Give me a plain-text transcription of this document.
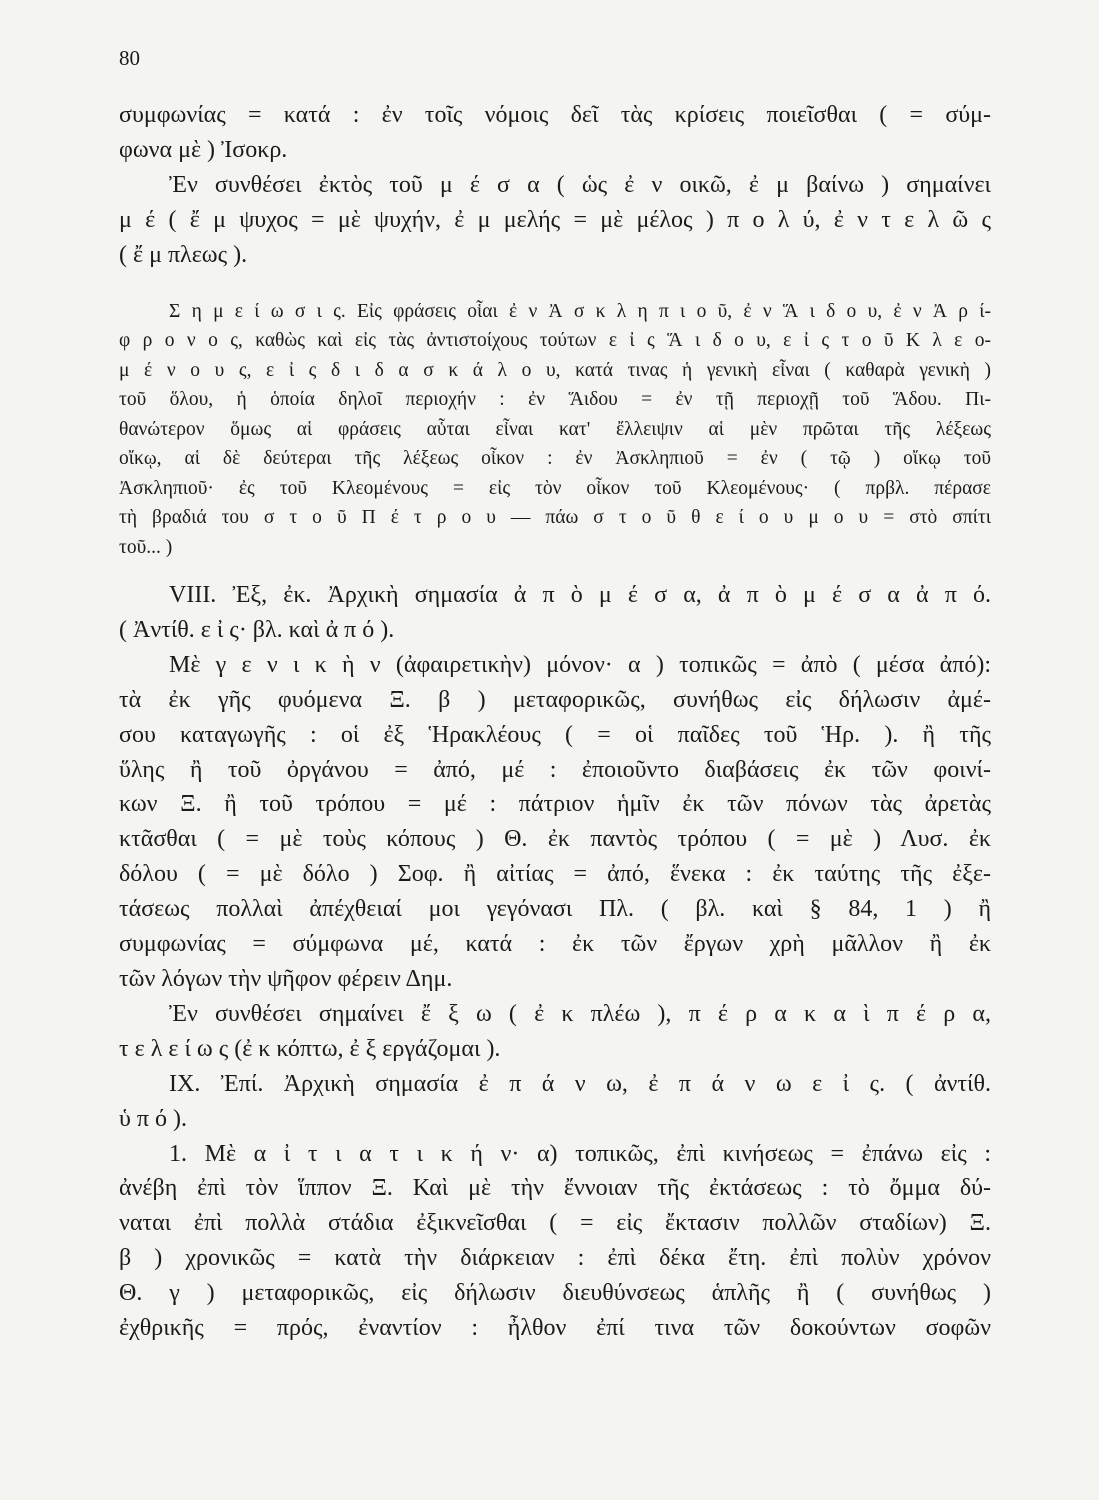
80
συμφωνίας = κατά : ἐν τοῖς νόμοις δεῖ τὰς κρίσεις ποιεῖσθαι ( = σύμ-
φωνα μὲ ) Ἰσοκρ.
Ἐν συνθέσει ἐκτὸς τοῦ μ έ σ α ( ὡς ἐ ν οικῶ, ἐ μ βαίνω ) σημαίνει
μ έ ( ἔ μ ψυχος = μὲ ψυχήν, ἐ μ μελής = μὲ μέλος ) π ο λ ύ, ἐ ν τ ε λ ῶ ς
( ἔ μ πλεως ).
Σ η μ ε ί ω σ ι ς. Εἰς φράσεις οἷαι ἐ ν Ἀ σ κ λ η π ι ο ῦ, ἐ ν Ἅ ι δ ο υ, ἐ ν Ἀ ρ ί-
φ ρ ο ν ο ς, καθὼς καὶ εἰς τὰς ἀντιστοίχους τούτων ε ἰ ς Ἅ ι δ ο υ, ε ἰ ς τ ο ῦ Κ λ ε ο-
μ έ ν ο υ ς, ε ἰ ς δ ι δ α σ κ ά λ ο υ, κατά τινας ἡ γενικὴ εἶναι ( καθαρὰ γενικὴ )
τοῦ ὅλου, ἡ ὁποία δηλοῖ περιοχήν : ἐν Ἅιδου = ἐν τῇ περιοχῇ τοῦ Ἅδου. Πι-
θανώτερον ὅμως αἱ φράσεις αὗται εἶναι κατ' ἔλλειψιν αἱ μὲν πρῶται τῆς λέξεως
οἴκῳ, αἱ δὲ δεύτεραι τῆς λέξεως οἶκον : ἐν Ἀσκληπιοῦ = ἐν ( τῷ ) οἴκῳ τοῦ
Ἀσκληπιοῦ· ἐς τοῦ Κλεομένους = εἰς τὸν οἶκον τοῦ Κλεομένους· ( πρβλ. πέρασε
τὴ βραδιά του σ τ ο ῦ Π έ τ ρ ο υ — πάω σ τ ο ῦ θ ε ί ο υ μ ο υ = στὸ σπίτι
τοῦ... )
VIII. Ἐξ, ἐκ. Ἀρχικὴ σημασία ἀ π ὸ μ έ σ α, ἀ π ὸ μ έ σ α ἀ π ό.
( Ἀντίθ. ε ἰ ς· βλ. καὶ ἀ π ό ).
Μὲ γ ε ν ι κ ὴ ν (ἀφαιρετικὴν) μόνον· α ) τοπικῶς = ἀπὸ ( μέσα ἀπό):
τὰ ἐκ γῆς φυόμενα Ξ. β ) μεταφορικῶς, συνήθως εἰς δήλωσιν ἀμέ-
σου καταγωγῆς : οἱ ἐξ Ἡρακλέους ( = οἱ παῖδες τοῦ Ἡρ. ). ἢ τῆς
ὕλης ἢ τοῦ ὀργάνου = ἀπό, μέ : ἐποιοῦντο διαβάσεις ἐκ τῶν φοινί-
κων Ξ. ἢ τοῦ τρόπου = μέ : πάτριον ἡμῖν ἐκ τῶν πόνων τὰς ἀρετὰς
κτᾶσθαι ( = μὲ τοὺς κόπους ) Θ. ἐκ παντὸς τρόπου ( = μὲ ) Λυσ. ἐκ
δόλου ( = μὲ δόλο ) Σοφ. ἢ αἰτίας = ἀπό, ἕνεκα : ἐκ ταύτης τῆς ἐξε-
τάσεως πολλαὶ ἀπέχθειαί μοι γεγόνασι Πλ. ( βλ. καὶ § 84, 1 ) ἢ
συμφωνίας = σύμφωνα μέ, κατά : ἐκ τῶν ἔργων χρὴ μᾶλλον ἢ ἐκ
τῶν λόγων τὴν ψῆφον φέρειν Δημ.
Ἐν συνθέσει σημαίνει ἔ ξ ω ( ἐ κ πλέω ), π έ ρ α κ α ὶ π έ ρ α,
τ ε λ ε ί ω ς (ἐ κ κόπτω, ἐ ξ εργάζομαι ).
IX. Ἐπί. Ἀρχικὴ σημασία ἐ π ά ν ω, ἐ π ά ν ω ε ἰ ς. ( ἀντίθ.
ὑ π ό ).
1. Μὲ α ἰ τ ι α τ ι κ ή ν· α) τοπικῶς, ἐπὶ κινήσεως = ἐπάνω εἰς :
ἀνέβη ἐπὶ τὸν ἵππον Ξ. Καὶ μὲ τὴν ἔννοιαν τῆς ἐκτάσεως : τὸ ὄμμα δύ-
ναται ἐπὶ πολλὰ στάδια ἐξικνεῖσθαι ( = εἰς ἔκτασιν πολλῶν σταδίων) Ξ.
β ) χρονικῶς = κατὰ τὴν διάρκειαν : ἐπὶ δέκα ἔτη. ἐπὶ πολὺν χρόνον
Θ. γ ) μεταφορικῶς, εἰς δήλωσιν διευθύνσεως ἁπλῆς ἢ ( συνήθως )
ἐχθρικῆς = πρός, ἐναντίον : ἦλθον ἐπί τινα τῶν δοκούντων σοφῶν
